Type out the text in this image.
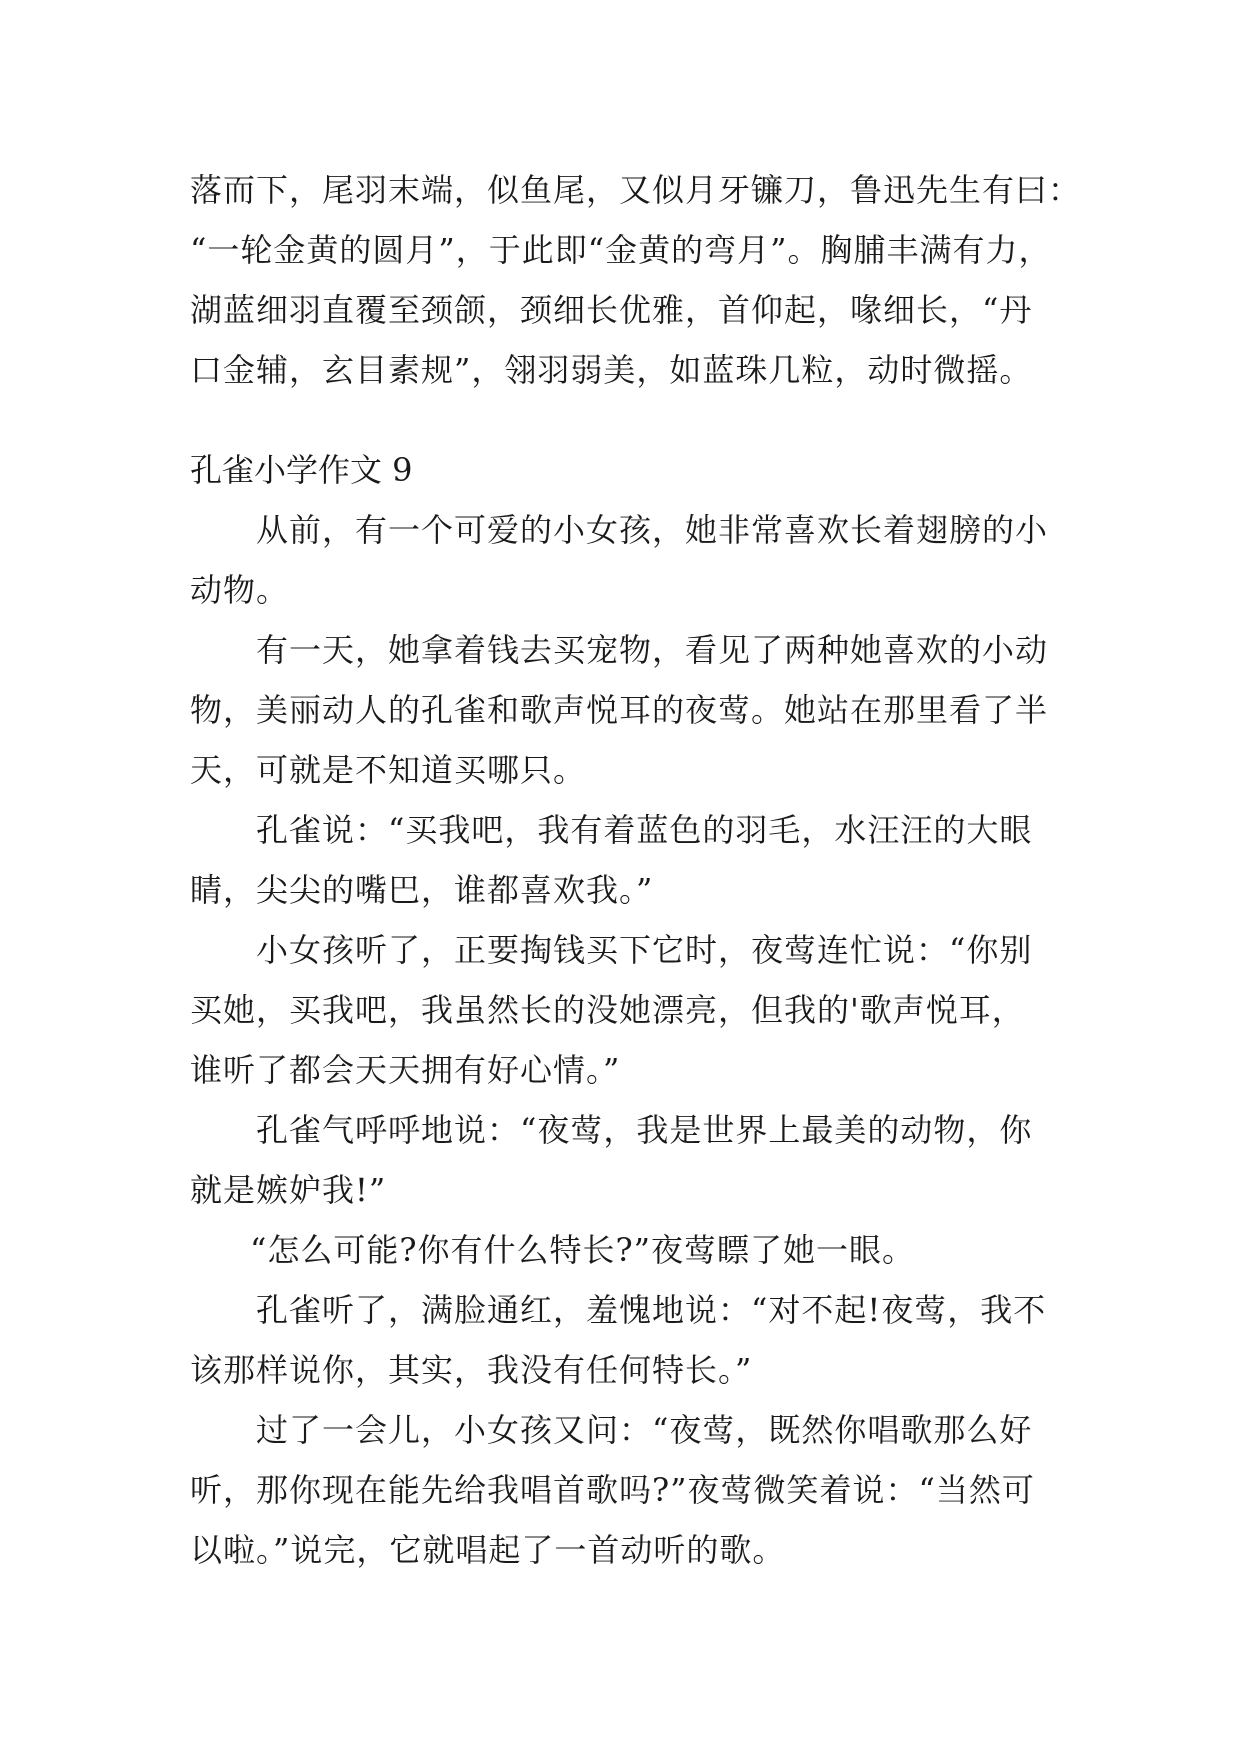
落而下，尾羽末端，似鱼尾，又似月牙镰刀，鲁迅先生有曰：
“一轮金黄的圆月”，于此即“金黄的弯月”。胸脯丰满有力，
湖蓝细羽直覆至颈颌，颈细长优雅，首仰起，喙细长，“丹
口金辅，玄目素规”，翎羽弱美，如蓝珠几粒，动时微摇。
孔雀小学作文 9
从前，有一个可爱的小女孩，她非常喜欢长着翅膀的小
动物。
有一天，她拿着钱去买宠物，看见了两种她喜欢的小动
物，美丽动人的孔雀和歌声悦耳的夜莺。她站在那里看了半
天，可就是不知道买哪只。
孔雀说：“买我吧，我有着蓝色的羽毛，水汪汪的大眼
睛，尖尖的嘴巴，谁都喜欢我。”
小女孩听了，正要掏钱买下它时，夜莺连忙说：“你别
买她，买我吧，我虽然长的没她漂亮，但我的'歌声悦耳，
谁听了都会天天拥有好心情。”
孔雀气呼呼地说：“夜莺，我是世界上最美的动物，你
就是嫉妒我!”
“怎么可能?你有什么特长?”夜莺瞟了她一眼。
孔雀听了，满脸通红，羞愧地说：“对不起!夜莺，我不
该那样说你，其实，我没有任何特长。”
过了一会儿，小女孩又问：“夜莺，既然你唱歌那么好
听，那你现在能先给我唱首歌吗?”夜莺微笑着说：“当然可
以啦。”说完，它就唱起了一首动听的歌。
